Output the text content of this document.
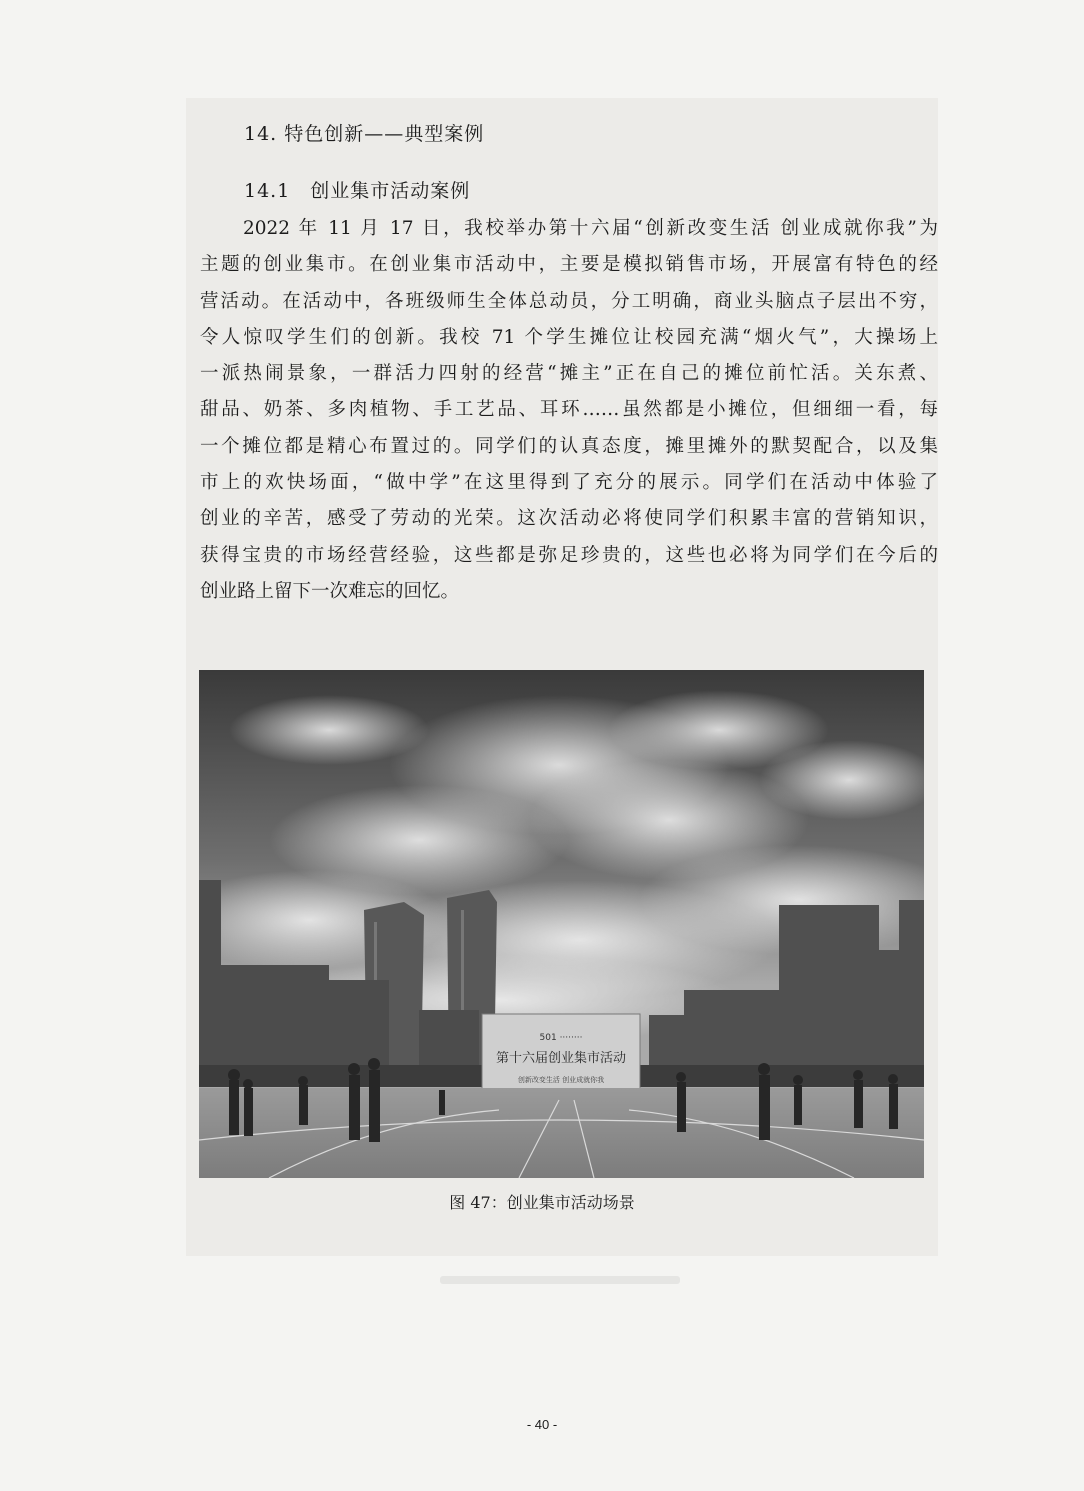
14. 特色创新——典型案例
14.1　创业集市活动案例

2022 年 11 月 17 日，我校举办第十六届“创新改变生活 创业成就你我”为

主题的创业集市。在创业集市活动中，主要是模拟销售市场，开展富有特色的经

营活动。在活动中，各班级师生全体总动员，分工明确，商业头脑点子层出不穷，

令人惊叹学生们的创新。我校 71 个学生摊位让校园充满“烟火气”，大操场上

一派热闹景象，一群活力四射的经营“摊主”正在自己的摊位前忙活。关东煮、

甜品、奶茶、多肉植物、手工艺品、耳环……虽然都是小摊位，但细细一看，每

一个摊位都是精心布置过的。同学们的认真态度，摊里摊外的默契配合，以及集

市上的欢快场面，“做中学”在这里得到了充分的展示。同学们在活动中体验了

创业的辛苦，感受了劳动的光荣。这次活动必将使同学们积累丰富的营销知识，

获得宝贵的市场经营经验，这些都是弥足珍贵的，这些也必将为同学们在今后的

创业路上留下一次难忘的回忆。

501 ········
第十六届创业集市活动
创新改变生活 创业成就你我
图 47：创业集市活动场景
- 40 -
